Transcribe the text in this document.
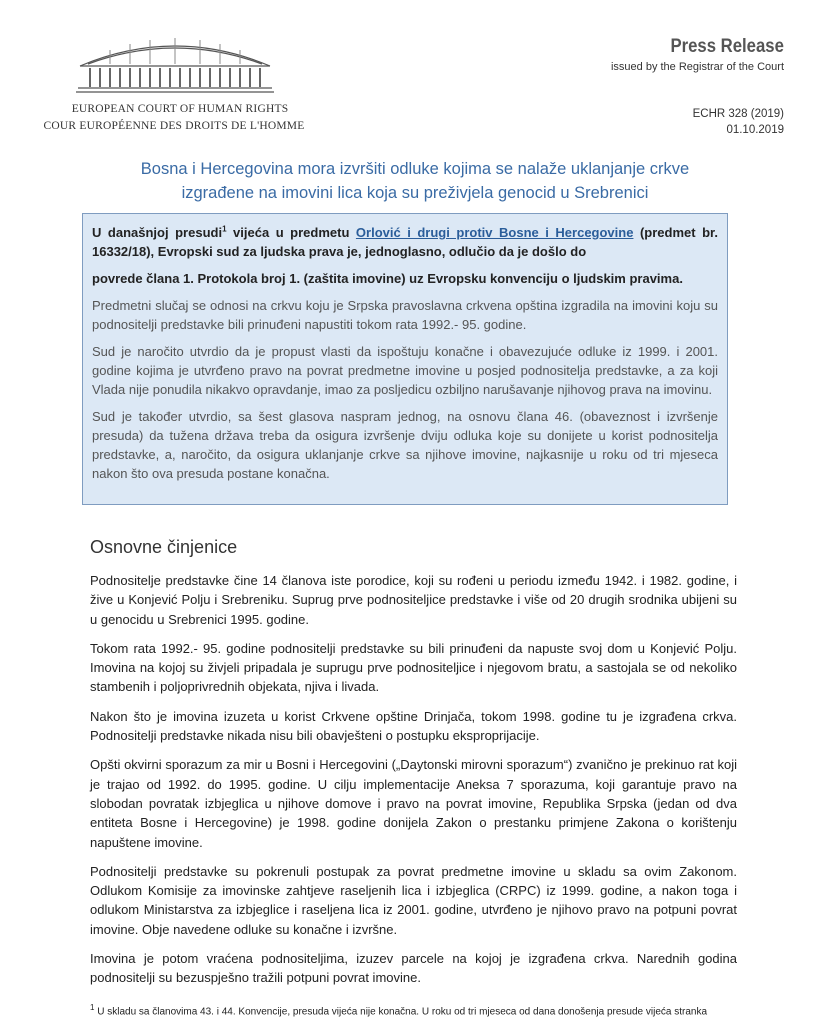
EUROPEAN COURT OF HUMAN RIGHTS
COUR EUROPÉENNE DES DROITS DE L'HOMME
Press Release
issued by the Registrar of the Court
ECHR 328 (2019)
01.10.2019
Bosna i Hercegovina mora izvršiti odluke kojima se nalaže uklanjanje crkve
izgrađene na imovini lica koja su preživjela genocid u Srebrenici

U današnjoj presudi$^1$ vijeća u predmetu Orlović i drugi protiv Bosne i Hercegovine (predmet br. 16332/18), Evropski sud za ljudska prava je, jednoglasno, odlučio da je došlo do

povrede člana 1. Protokola broj 1. (zaštita imovine) uz Evropsku konvenciju o ljudskim pravima.

Predmetni slučaj se odnosi na crkvu koju je Srpska pravoslavna crkvena opština izgradila na imovini koju su podnositelji predstavke bili prinuđeni napustiti tokom rata 1992.- 95. godine.

Sud je naročito utvrdio da je propust vlasti da ispoštuju konačne i obavezujuće odluke iz 1999. i 2001. godine kojima je utvrđeno pravo na povrat predmetne imovine u posjed podnositelja predstavke, a za koji Vlada nije ponudila nikakvo opravdanje, imao za posljedicu ozbiljno narušavanje njihovog prava na imovinu.

Sud je također utvrdio, sa šest glasova naspram jednog, na osnovu člana 46. (obaveznost i izvršenje presuda) da tužena država treba da osigura izvršenje dviju odluka koje su donijete u korist podnositelja predstavke, a, naročito, da osigura uklanjanje crkve sa njihove imovine, najkasnije u roku od tri mjeseca nakon što ova presuda postane konačna.

Osnovne činjenice

Podnositelje predstavke čine 14 članova iste porodice, koji su rođeni u periodu između 1942. i 1982. godine, i žive u Konjević Polju i Srebreniku. Suprug prve podnositeljice predstavke i više od 20 drugih srodnika ubijeni su u genocidu u Srebrenici 1995. godine.

Tokom rata 1992.- 95. godine podnositelji predstavke su bili prinuđeni da napuste svoj dom u Konjević Polju. Imovina na kojoj su živjeli pripadala je suprugu prve podnositeljice i njegovom bratu, a sastojala se od nekoliko stambenih i poljoprivrednih objekata, njiva i livada.

Nakon što je imovina izuzeta u korist Crkvene opštine Drinjača, tokom 1998. godine tu je izgrađena crkva. Podnositelji predstavke nikada nisu bili obavješteni o postupku eksproprijacije.

Opšti okvirni sporazum za mir u Bosni i Hercegovini („Daytonski mirovni sporazum“) zvanično je prekinuo rat koji je trajao od 1992. do 1995. godine. U cilju implementacije Aneksa 7 sporazuma, koji garantuje pravo na slobodan povratak izbjeglica u njihove domove i pravo na povrat imovine, Republika Srpska (jedan od dva entiteta Bosne i Hercegovine) je 1998. godine donijela Zakon o prestanku primjene Zakona o korištenju napuštene imovine.

Podnositelji predstavke su pokrenuli postupak za povrat predmetne imovine u skladu sa ovim Zakonom. Odlukom Komisije za imovinske zahtjeve raseljenih lica i izbjeglica (CRPC) iz 1999. godine, a nakon toga i odlukom Ministarstva za izbjeglice i raseljena lica iz 2001. godine, utvrđeno je njihovo pravo na potpuni povrat imovine. Obje navedene odluke su konačne i izvršne.

Imovina je potom vraćena podnositeljima, izuzev parcele na kojoj je izgrađena crkva. Narednih godina podnositelji su bezuspješno tražili potpuni povrat imovine.

$^1$ U skladu sa članovima 43. i 44. Konvencije, presuda vijeća nije konačna. U roku od tri mjeseca od dana donošenja presude vijeća stranka
